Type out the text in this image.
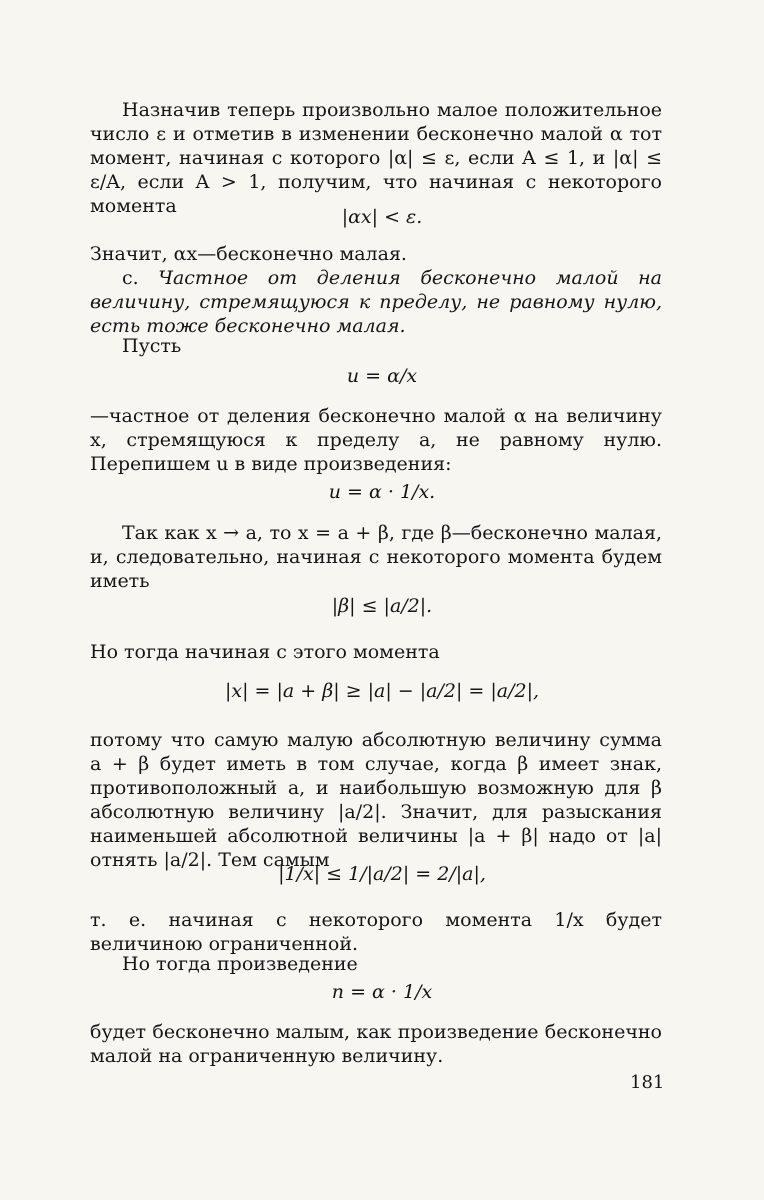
Назначив теперь произвольно малое положительное число ε и отметив в изменении бесконечно малой α тот момент, начиная с которого |α| ≤ ε, если A ≤ 1, и |α| ≤ ε/A, если A > 1, получим, что начиная с некоторого момента	|αx| < ε.

Значит, αx—бесконечно малая.

c. Частное от деления бесконечно малой на величину, стремящуюся к пределу, не равному нулю, есть тоже бесконечно малая.

Пусть

u = α/x

—частное от деления бесконечно малой α на величину x, стремящуюся к пределу a, не равному нулю. Перепишем u в виде произведения:

u = α · 1/x.

Так как x → a, то x = a + β, где β—бесконечно малая, и, следовательно, начиная с некоторого момента будем иметь

|β| ≤ |a/2|.

Но тогда начиная с этого момента

|x| = |a + β| ≥ |a| − |a/2| = |a/2|,

потому что самую малую абсолютную величину сумма a + β будет иметь в том случае, когда β имеет знак, противоположный a, и наибольшую возможную для β абсолютную величину |a/2|. Значит, для разыскания наименьшей абсолютной величины |a + β| надо от |a| отнять |a/2|. Тем самым

|1/x| ≤ 1/|a/2| = 2/|a|,

т. е. начиная с некоторого момента 1/x будет величиною ограниченной.

Но тогда произведение

n = α · 1/x

будет бесконечно малым, как произведение бесконечно малой на ограниченную величину.

181
